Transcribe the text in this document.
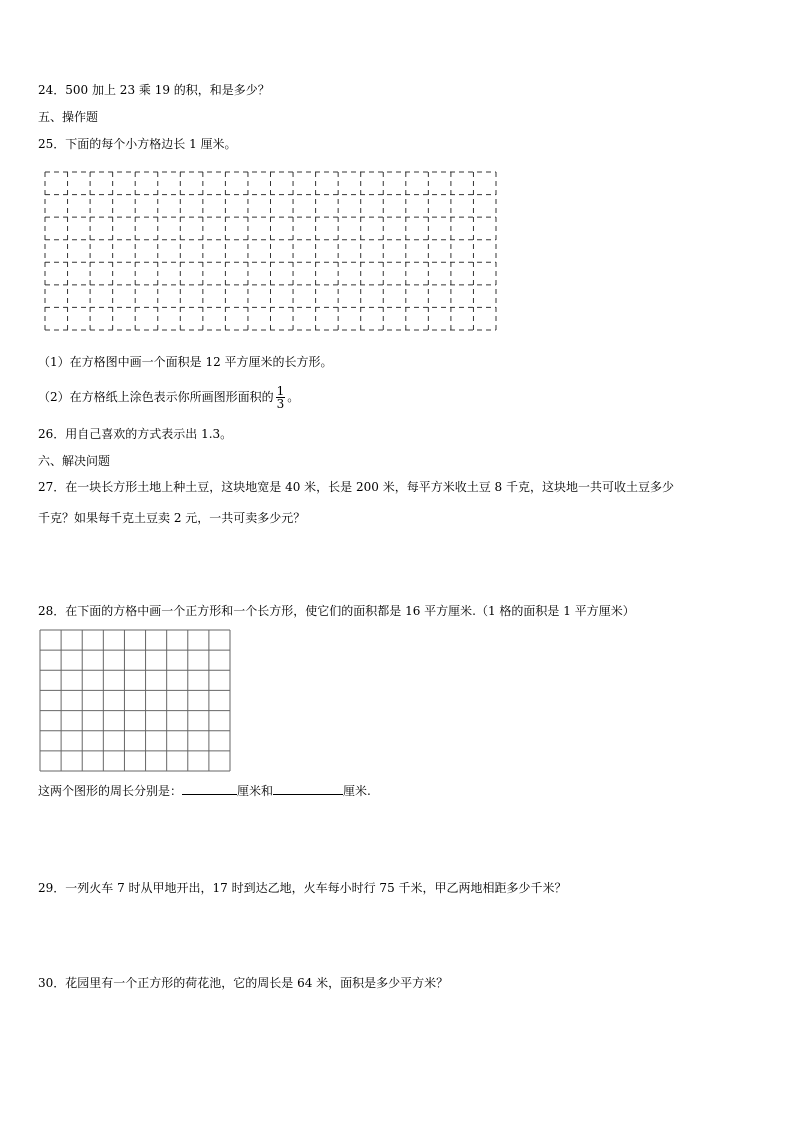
24．500 加上 23 乘 19 的积，和是多少？
五、操作题
25．下面的每个小方格边长 1 厘米。
（1）在方格图中画一个面积是 12 平方厘米的长方形。
（2）在方格纸上涂色表示你所画图形面积的 $\frac{1}{3}$ 。
26．用自己喜欢的方式表示出 1.3。
六、解决问题
27．在一块长方形土地上种土豆，这块地宽是 40 米，长是 200 米，每平方米收土豆 8 千克，这块地一共可收土豆多少
千克？如果每千克土豆卖 2 元，一共可卖多少元？
28．在下面的方格中画一个正方形和一个长方形，使它们的面积都是 16 平方厘米.（1 格的面积是 1 平方厘米）
这两个图形的周长分别是：	厘米和	厘米.
29．一列火车 7 时从甲地开出，17 时到达乙地，火车每小时行 75 千米，甲乙两地相距多少千米？
30．花园里有一个正方形的荷花池，它的周长是 64 米，面积是多少平方米？
